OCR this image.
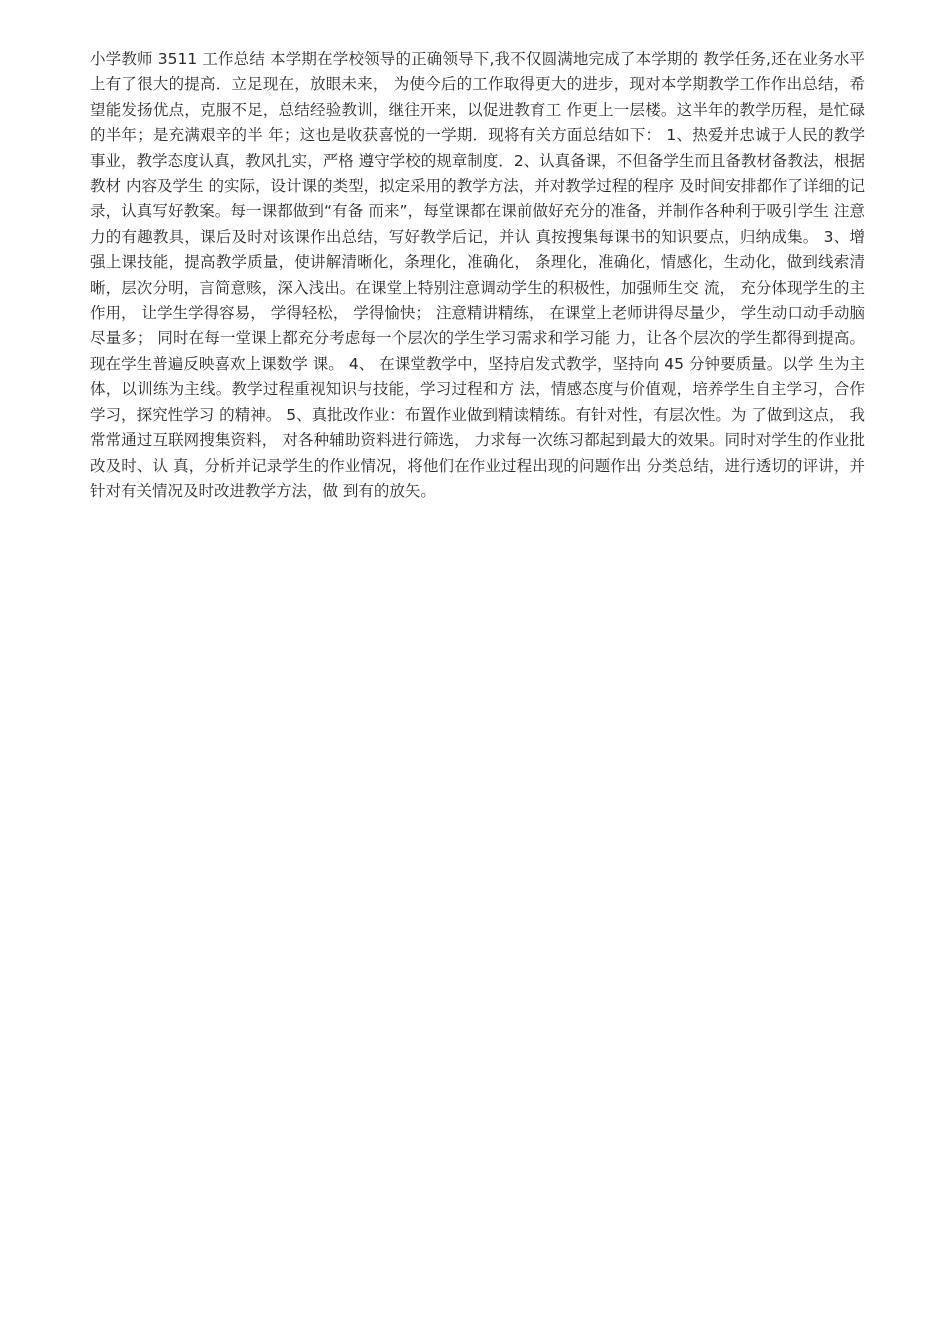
小学教师 3511 工作总结 本学期在学校领导的正确领导下,我不仅圆满地完成了本学期的 教学任务,还在业务水平上有了很大的提高．立足现在，放眼未来， 为使今后的工作取得更大的进步，现对本学期教学工作作出总结，希 望能发扬优点，克服不足，总结经验教训，继往开来，以促进教育工 作更上一层楼。这半年的教学历程，是忙碌的半年；是充满艰辛的半 年；这也是收获喜悦的一学期．现将有关方面总结如下： 1、热爱并忠诚于人民的教学事业，教学态度认真，教风扎实，严格 遵守学校的规章制度．2、认真备课，不但备学生而且备教材备教法，根据教材 内容及学生 的实际，设计课的类型，拟定采用的教学方法，并对教学过程的程序 及时间安排都作了详细的记录，认真写好教案。每一课都做到“有备 而来”，每堂课都在课前做好充分的准备，并制作各种利于吸引学生 注意力的有趣教具，课后及时对该课作出总结，写好教学后记，并认 真按搜集每课书的知识要点，归纳成集。 3、增强上课技能，提高教学质量，使讲解清晰化，条理化，准确化， 条理化，准确化，情感化，生动化，做到线索清晰，层次分明，言简意赅，深入浅出。在课堂上特别注意调动学生的积极性，加强师生交 流， 充分体现学生的主作用， 让学生学得容易， 学得轻松， 学得愉快； 注意精讲精练， 在课堂上老师讲得尽量少， 学生动口动手动脑尽量多； 同时在每一堂课上都充分考虑每一个层次的学生学习需求和学习能 力，让各个层次的学生都得到提高。现在学生普遍反映喜欢上课数学 课。 4、 在课堂教学中，坚持启发式教学，坚持向 45 分钟要质量。以学 生为主体，以训练为主线。教学过程重视知识与技能，学习过程和方 法，情感态度与价值观，培养学生自主学习，合作学习，探究性学习 的精神。 5、真批改作业：布置作业做到精读精练。有针对性，有层次性。为 了做到这点， 我常常通过互联网搜集资料， 对各种辅助资料进行筛选， 力求每一次练习都起到最大的效果。同时对学生的作业批改及时、认 真，分析并记录学生的作业情况，将他们在作业过程出现的问题作出 分类总结，进行透切的评讲，并针对有关情况及时改进教学方法，做 到有的放矢。
